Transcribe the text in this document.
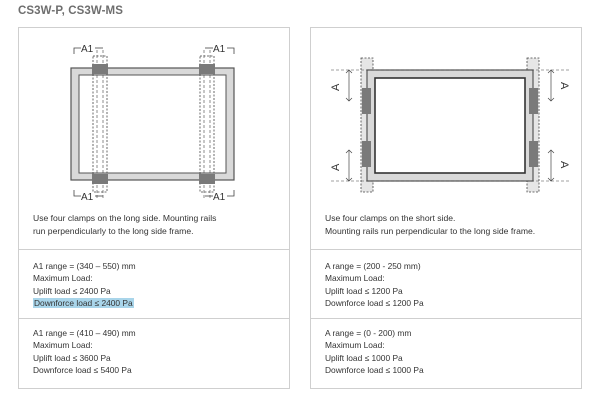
CS3W-P, CS3W-MS
A1	A1
A1	A1
Use four clamps on the long side. Mounting rails
run perpendicularly to the long side frame.
A1 range = (340 – 550) mm
Maximum Load:
Uplift load ≤ 2400 Pa
Downforce load ≤ 2400 Pa
A1 range = (410 – 490) mm
Maximum Load:
Uplift load ≤ 3600 Pa
Downforce load ≤ 5400 Pa
A
A
A
A
Use four clamps on the short side.
Mounting rails run perpendicular to the long side frame.
A range = (200 - 250 mm)
Maximum Load:
Uplift load ≤ 1200 Pa
Downforce load ≤ 1200 Pa
A range = (0 - 200) mm
Maximum Load:
Uplift load ≤ 1000 Pa
Downforce load ≤ 1000 Pa
